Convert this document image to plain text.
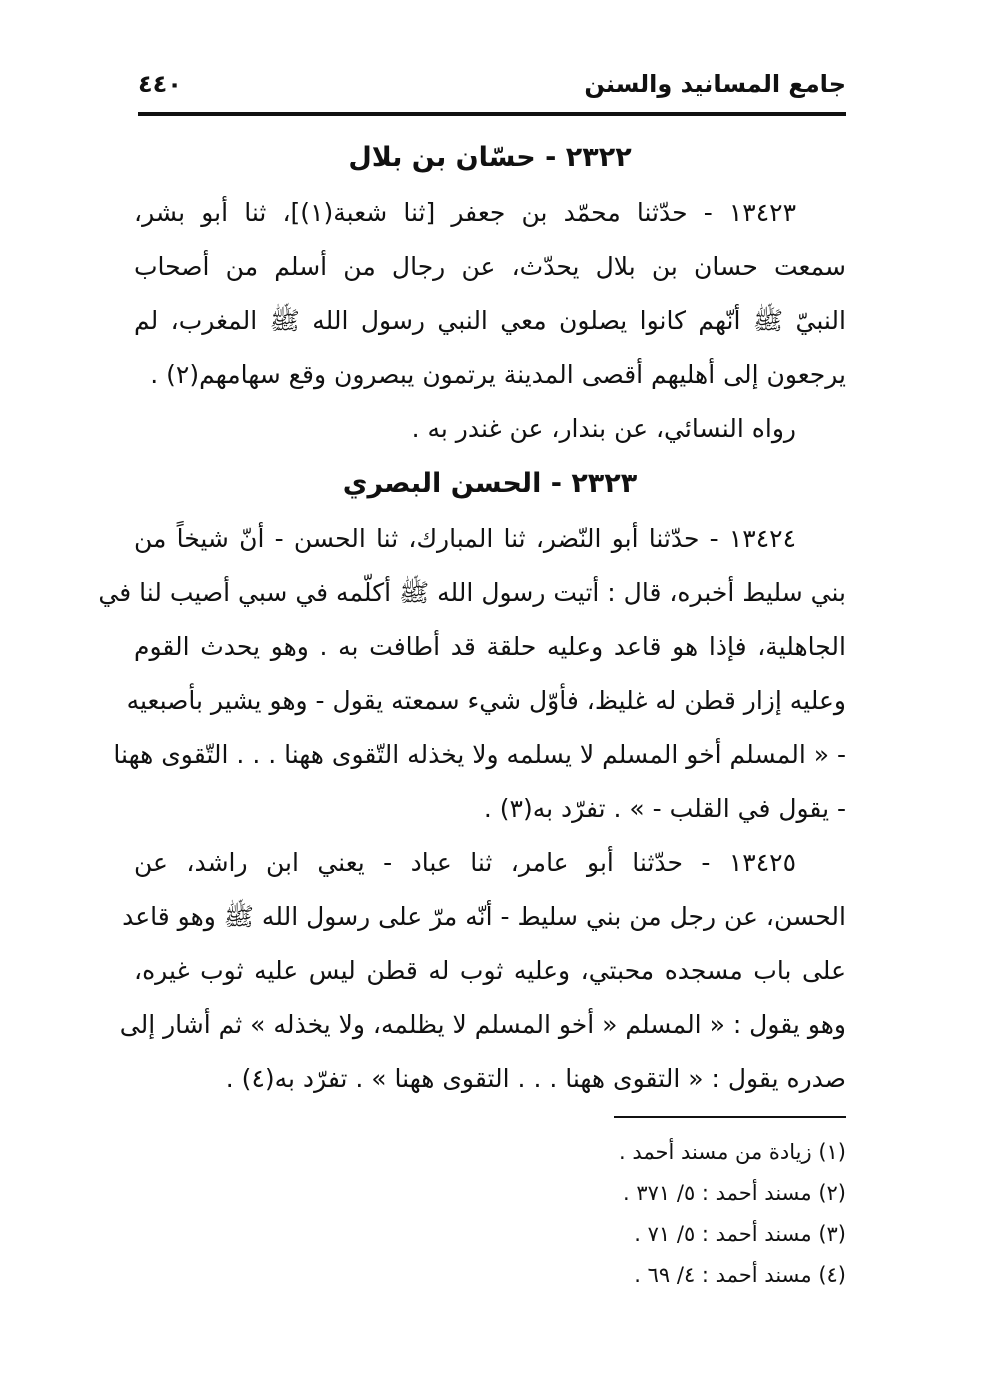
جامع المسانيد والسنن
٤٤٠
٢٣٢٢ - حسّان بن بلال
١٣٤٢٣ - حدّثنا محمّد بن جعفر [ثنا شعبة(١)]، ثنا أبو بشر،
سمعت حسان بن بلال يحدّث، عن رجال من أسلم من أصحاب
النبيّ ﷺ أنّهم كانوا يصلون معي النبي رسول الله ﷺ المغرب، لم
يرجعون إلى أهليهم أقصى المدينة يرتمون يبصرون وقع سهامهم(٢) .
رواه النسائي، عن بندار، عن غندر به .
٢٣٢٣ - الحسن البصري
١٣٤٢٤ - حدّثنا أبو النّضر، ثنا المبارك، ثنا الحسن - أنّ شيخاً من
بني سليط أخبره، قال : أتيت رسول الله ﷺ أكلّمه في سبي أصيب لنا في
الجاهلية، فإذا هو قاعد وعليه حلقة قد أطافت به . وهو يحدث القوم
وعليه إزار قطن له غليظ، فأوّل شيء سمعته يقول - وهو يشير بأصبعيه
- « المسلم أخو المسلم لا يسلمه ولا يخذله التّقوى ههنا . . . التّقوى ههنا
- يقول في القلب - » . تفرّد به(٣) .
١٣٤٢٥ - حدّثنا أبو عامر، ثنا عباد - يعني ابن راشد، عن
الحسن، عن رجل من بني سليط - أنّه مرّ على رسول الله ﷺ وهو قاعد
على باب مسجده محبتي، وعليه ثوب له قطن ليس عليه ثوب غيره،
وهو يقول : « المسلم « أخو المسلم لا يظلمه، ولا يخذله » ثم أشار إلى
صدره يقول : « التقوى ههنا . . . التقوى ههنا » . تفرّد به(٤) .
(١) زيادة من مسند أحمد .
(٢) مسند أحمد : ٥/ ٣٧١ .
(٣) مسند أحمد : ٥/ ٧١ .
(٤) مسند أحمد : ٤/ ٦٩ .
